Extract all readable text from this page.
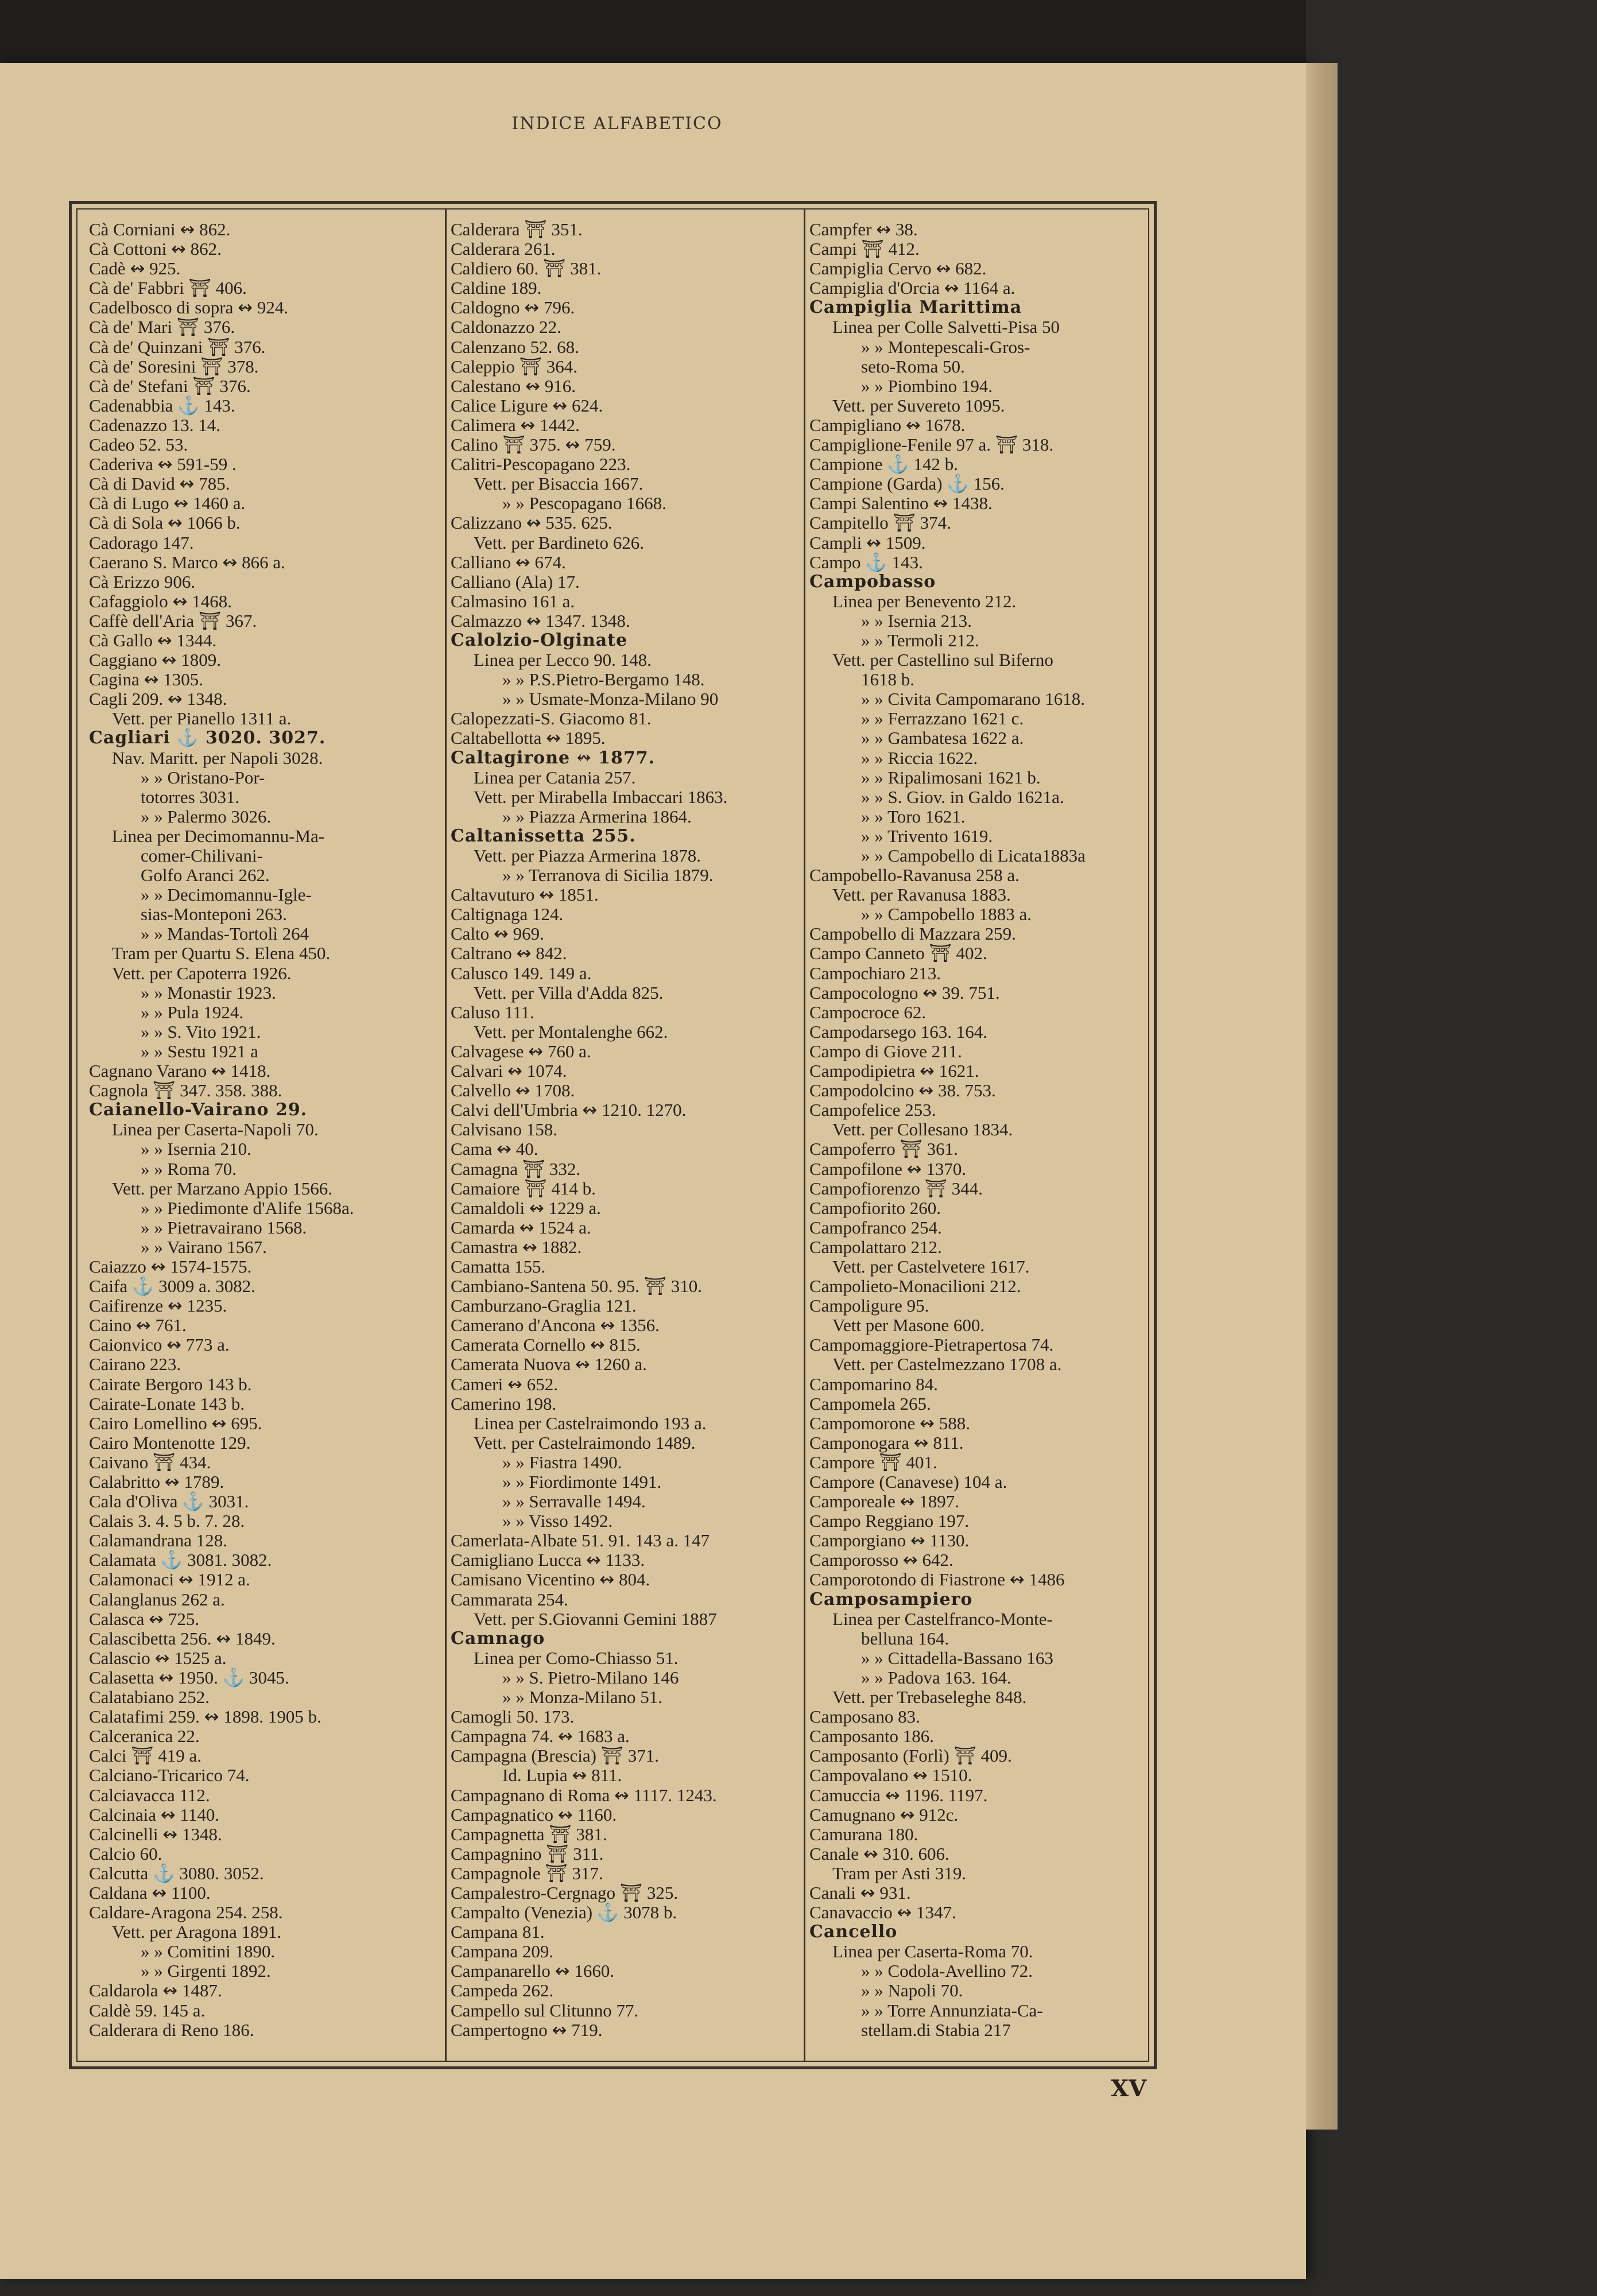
INDICE ALFABETICO
Cà Corniani ↭ 862.
Cà Cottoni ↭ 862.
Cadè ↭ 925.
Cà de' Fabbri ⛩ 406.
Cadelbosco di sopra ↭ 924.
Cà de' Mari ⛩ 376.
Cà de' Quinzani ⛩ 376.
Cà de' Soresini ⛩ 378.
Cà de' Stefani ⛩ 376.
Cadenabbia ⚓ 143.
Cadenazzo 13. 14.
Cadeo 52. 53.
Caderiva ↭ 591-59 .
Cà di David ↭ 785.
Cà di Lugo ↭ 1460 a.
Cà di Sola ↭ 1066 b.
Cadorago 147.
Caerano S. Marco ↭ 866 a.
Cà Erizzo 906.
Cafaggiolo ↭ 1468.
Caffè dell'Aria ⛩ 367.
Cà Gallo ↭ 1344.
Caggiano ↭ 1809.
Cagina ↭ 1305.
Cagli 209. ↭ 1348.
Vett. per Pianello 1311 a.
Cagliari ⚓ 3020. 3027.
Nav. Maritt. per Napoli 3028.
» » Oristano-Por-
totorres 3031.
» » Palermo 3026.
Linea per Decimomannu-Ma-
comer-Chilivani-
Golfo Aranci 262.
» » Decimomannu-Igle-
sias-Monteponi 263.
» » Mandas-Tortolì 264
Tram per Quartu S. Elena 450.
Vett. per Capoterra 1926.
» » Monastir 1923.
» » Pula 1924.
» » S. Vito 1921.
» » Sestu 1921 a
Cagnano Varano ↭ 1418.
Cagnola ⛩ 347. 358. 388.
Caianello-Vairano 29.
Linea per Caserta-Napoli 70.
» » Isernia 210.
» » Roma 70.
Vett. per Marzano Appio 1566.
» » Piedimonte d'Alife 1568a.
» » Pietravairano 1568.
» » Vairano 1567.
Caiazzo ↭ 1574-1575.
Caifa ⚓ 3009 a. 3082.
Caifirenze ↭ 1235.
Caino ↭ 761.
Caionvico ↭ 773 a.
Cairano 223.
Cairate Bergoro 143 b.
Cairate-Lonate 143 b.
Cairo Lomellino ↭ 695.
Cairo Montenotte 129.
Caivano ⛩ 434.
Calabritto ↭ 1789.
Cala d'Oliva ⚓ 3031.
Calais 3. 4. 5 b. 7. 28.
Calamandrana 128.
Calamata ⚓ 3081. 3082.
Calamonaci ↭ 1912 a.
Calanglanus 262 a.
Calasca ↭ 725.
Calascibetta 256. ↭ 1849.
Calascio ↭ 1525 a.
Calasetta ↭ 1950. ⚓ 3045.
Calatabiano 252.
Calatafimi 259. ↭ 1898. 1905 b.
Calceranica 22.
Calci ⛩ 419 a.
Calciano-Tricarico 74.
Calciavacca 112.
Calcinaia ↭ 1140.
Calcinelli ↭ 1348.
Calcio 60.
Calcutta ⚓ 3080. 3052.
Caldana ↭ 1100.
Caldare-Aragona 254. 258.
Vett. per Aragona 1891.
» » Comitini 1890.
» » Girgenti 1892.
Caldarola ↭ 1487.
Caldè 59. 145 a.
Calderara di Reno 186.
Calderara ⛩ 351.
Calderara 261.
Caldiero 60. ⛩ 381.
Caldine 189.
Caldogno ↭ 796.
Caldonazzo 22.
Calenzano 52. 68.
Caleppio ⛩ 364.
Calestano ↭ 916.
Calice Ligure ↭ 624.
Calimera ↭ 1442.
Calino ⛩ 375. ↭ 759.
Calitri-Pescopagano 223.
Vett. per Bisaccia 1667.
» » Pescopagano 1668.
Calizzano ↭ 535. 625.
Vett. per Bardineto 626.
Calliano ↭ 674.
Calliano (Ala) 17.
Calmasino 161 a.
Calmazzo ↭ 1347. 1348.
Calolzio-Olginate
Linea per Lecco 90. 148.
» » P.S.Pietro-Bergamo 148.
» » Usmate-Monza-Milano 90
Calopezzati-S. Giacomo 81.
Caltabellotta ↭ 1895.
Caltagirone ↭ 1877.
Linea per Catania 257.
Vett. per Mirabella Imbaccari 1863.
» » Piazza Armerina 1864.
Caltanissetta 255.
Vett. per Piazza Armerina 1878.
» » Terranova di Sicilia 1879.
Caltavuturo ↭ 1851.
Caltignaga 124.
Calto ↭ 969.
Caltrano ↭ 842.
Calusco 149. 149 a.
Vett. per Villa d'Adda 825.
Caluso 111.
Vett. per Montalenghe 662.
Calvagese ↭ 760 a.
Calvari ↭ 1074.
Calvello ↭ 1708.
Calvi dell'Umbria ↭ 1210. 1270.
Calvisano 158.
Cama ↭ 40.
Camagna ⛩ 332.
Camaiore ⛩ 414 b.
Camaldoli ↭ 1229 a.
Camarda ↭ 1524 a.
Camastra ↭ 1882.
Camatta 155.
Cambiano-Santena 50. 95. ⛩ 310.
Camburzano-Graglia 121.
Camerano d'Ancona ↭ 1356.
Camerata Cornello ↭ 815.
Camerata Nuova ↭ 1260 a.
Cameri ↭ 652.
Camerino 198.
Linea per Castelraimondo 193 a.
Vett. per Castelraimondo 1489.
» » Fiastra 1490.
» » Fiordimonte 1491.
» » Serravalle 1494.
» » Visso 1492.
Camerlata-Albate 51. 91. 143 a. 147
Camigliano Lucca ↭ 1133.
Camisano Vicentino ↭ 804.
Cammarata 254.
Vett. per S.Giovanni Gemini 1887
Camnago
Linea per Como-Chiasso 51.
» » S. Pietro-Milano 146
» » Monza-Milano 51.
Camogli 50. 173.
Campagna 74. ↭ 1683 a.
Campagna (Brescia) ⛩ 371.
Id. Lupia ↭ 811.
Campagnano di Roma ↭ 1117. 1243.
Campagnatico ↭ 1160.
Campagnetta ⛩ 381.
Campagnino ⛩ 311.
Campagnole ⛩ 317.
Campalestro-Cergnago ⛩ 325.
Campalto (Venezia) ⚓ 3078 b.
Campana 81.
Campana 209.
Campanarello ↭ 1660.
Campeda 262.
Campello sul Clitunno 77.
Campertogno ↭ 719.
Campfer ↭ 38.
Campi ⛩ 412.
Campiglia Cervo ↭ 682.
Campiglia d'Orcia ↭ 1164 a.
Campiglia Marittima
Linea per Colle Salvetti-Pisa 50
» » Montepescali-Gros-
seto-Roma 50.
» » Piombino 194.
Vett. per Suvereto 1095.
Campigliano ↭ 1678.
Campiglione-Fenile 97 a. ⛩ 318.
Campione ⚓ 142 b.
Campione (Garda) ⚓ 156.
Campi Salentino ↭ 1438.
Campitello ⛩ 374.
Campli ↭ 1509.
Campo ⚓ 143.
Campobasso
Linea per Benevento 212.
» » Isernia 213.
» » Termoli 212.
Vett. per Castellino sul Biferno
1618 b.
» » Civita Campomarano 1618.
» » Ferrazzano 1621 c.
» » Gambatesa 1622 a.
» » Riccia 1622.
» » Ripalimosani 1621 b.
» » S. Giov. in Galdo 1621a.
» » Toro 1621.
» » Trivento 1619.
» » Campobello di Licata1883a
Campobello-Ravanusa 258 a.
Vett. per Ravanusa 1883.
» » Campobello 1883 a.
Campobello di Mazzara 259.
Campo Canneto ⛩ 402.
Campochiaro 213.
Campocologno ↭ 39. 751.
Campocroce 62.
Campodarsego 163. 164.
Campo di Giove 211.
Campodipietra ↭ 1621.
Campodolcino ↭ 38. 753.
Campofelice 253.
Vett. per Collesano 1834.
Campoferro ⛩ 361.
Campofilone ↭ 1370.
Campofiorenzo ⛩ 344.
Campofiorito 260.
Campofranco 254.
Campolattaro 212.
Vett. per Castelvetere 1617.
Campolieto-Monacilioni 212.
Campoligure 95.
Vett per Masone 600.
Campomaggiore-Pietrapertosa 74.
Vett. per Castelmezzano 1708 a.
Campomarino 84.
Campomela 265.
Campomorone ↭ 588.
Camponogara ↭ 811.
Campore ⛩ 401.
Campore (Canavese) 104 a.
Camporeale ↭ 1897.
Campo Reggiano 197.
Camporgiano ↭ 1130.
Camporosso ↭ 642.
Camporotondo di Fiastrone ↭ 1486
Camposampiero
Linea per Castelfranco-Monte-
belluna 164.
» » Cittadella-Bassano 163
» » Padova 163. 164.
Vett. per Trebaseleghe 848.
Camposano 83.
Camposanto 186.
Camposanto (Forlì) ⛩ 409.
Campovalano ↭ 1510.
Camuccia ↭ 1196. 1197.
Camugnano ↭ 912c.
Camurana 180.
Canale ↭ 310. 606.
Tram per Asti 319.
Canali ↭ 931.
Canavaccio ↭ 1347.
Cancello
Linea per Caserta-Roma 70.
» » Codola-Avellino 72.
» » Napoli 70.
» » Torre Annunziata-Ca-
stellam.di Stabia 217
XV
